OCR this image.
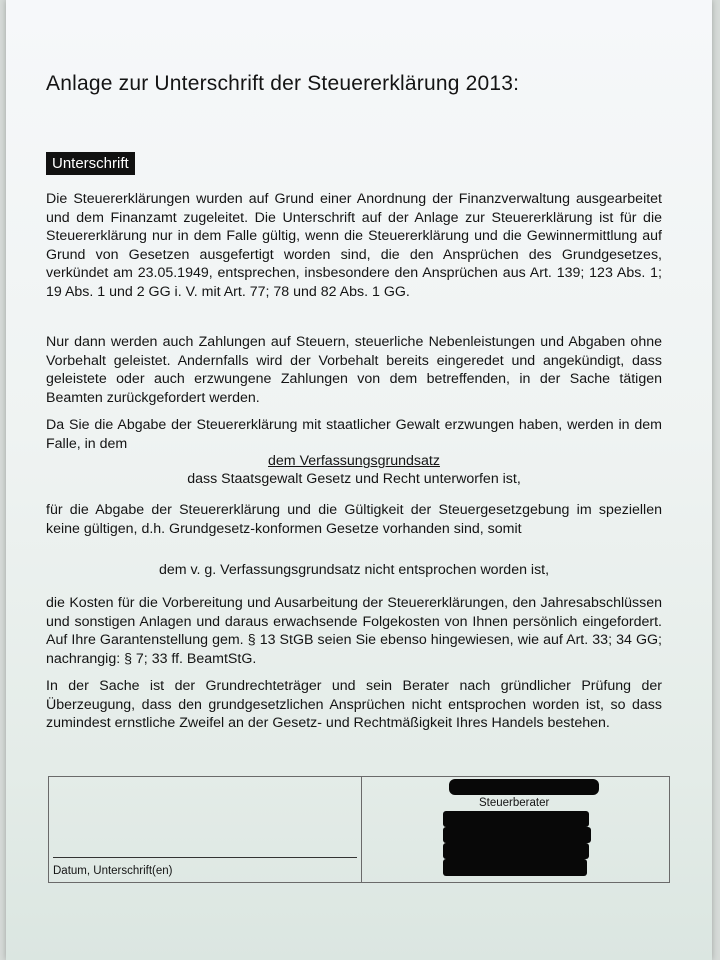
Anlage zur Unterschrift der Steuererklärung 2013:
Unterschrift

Die Steuererklärungen wurden auf Grund einer Anordnung der Finanzverwaltung ausgearbeitet und dem Finanzamt zugeleitet. Die Unterschrift auf der Anlage zur Steuererklärung ist für die Steuererklärung nur in dem Falle gültig, wenn die Steuererklärung und die Gewinnermittlung auf Grund von Gesetzen ausgefertigt worden sind, die den Ansprüchen des Grundgesetzes, verkündet am 23.05.1949, entsprechen, insbesondere den Ansprüchen aus Art. 139; 123 Abs. 1; 19 Abs. 1 und 2 GG i. V. mit Art. 77; 78 und 82 Abs. 1 GG.

Nur dann werden auch Zahlungen auf Steuern, steuerliche Nebenleistungen und Abgaben ohne Vorbehalt geleistet. Andernfalls wird der Vorbehalt bereits eingeredet und angekündigt, dass geleistete oder auch erzwungene Zahlungen von dem betreffenden, in der Sache tätigen Beamten zurückgefordert werden.

Da Sie die Abgabe der Steuererklärung mit staatlicher Gewalt erzwungen haben, werden in dem Falle, in dem

dem Verfassungsgrundsatz
dass Staatsgewalt Gesetz und Recht unterworfen ist,

für die Abgabe der Steuererklärung und die Gültigkeit der Steuergesetzgebung im speziellen keine gültigen, d.h. Grundgesetz-konformen Gesetze vorhanden sind, somit

dem v. g. Verfassungsgrundsatz nicht entsprochen worden ist,

die Kosten für die Vorbereitung und Ausarbeitung der Steuererklärungen, den Jahresabschlüssen und sonstigen Anlagen und daraus erwachsende Folgekosten von Ihnen persönlich eingefordert. Auf Ihre Garantenstellung gem. § 13 StGB seien Sie ebenso hingewiesen, wie auf Art. 33; 34 GG; nachrangig: § 7; 33 ff. BeamtStG.

In der Sache ist der Grundrechteträger und sein Berater nach gründlicher Prüfung der Überzeugung, dass den grundgesetzlichen Ansprüchen nicht entsprochen worden ist, so dass zumindest ernstliche Zweifel an der Gesetz- und Rechtmäßigkeit Ihres Handels bestehen.

Datum, Unterschrift(en)
Steuerberater
